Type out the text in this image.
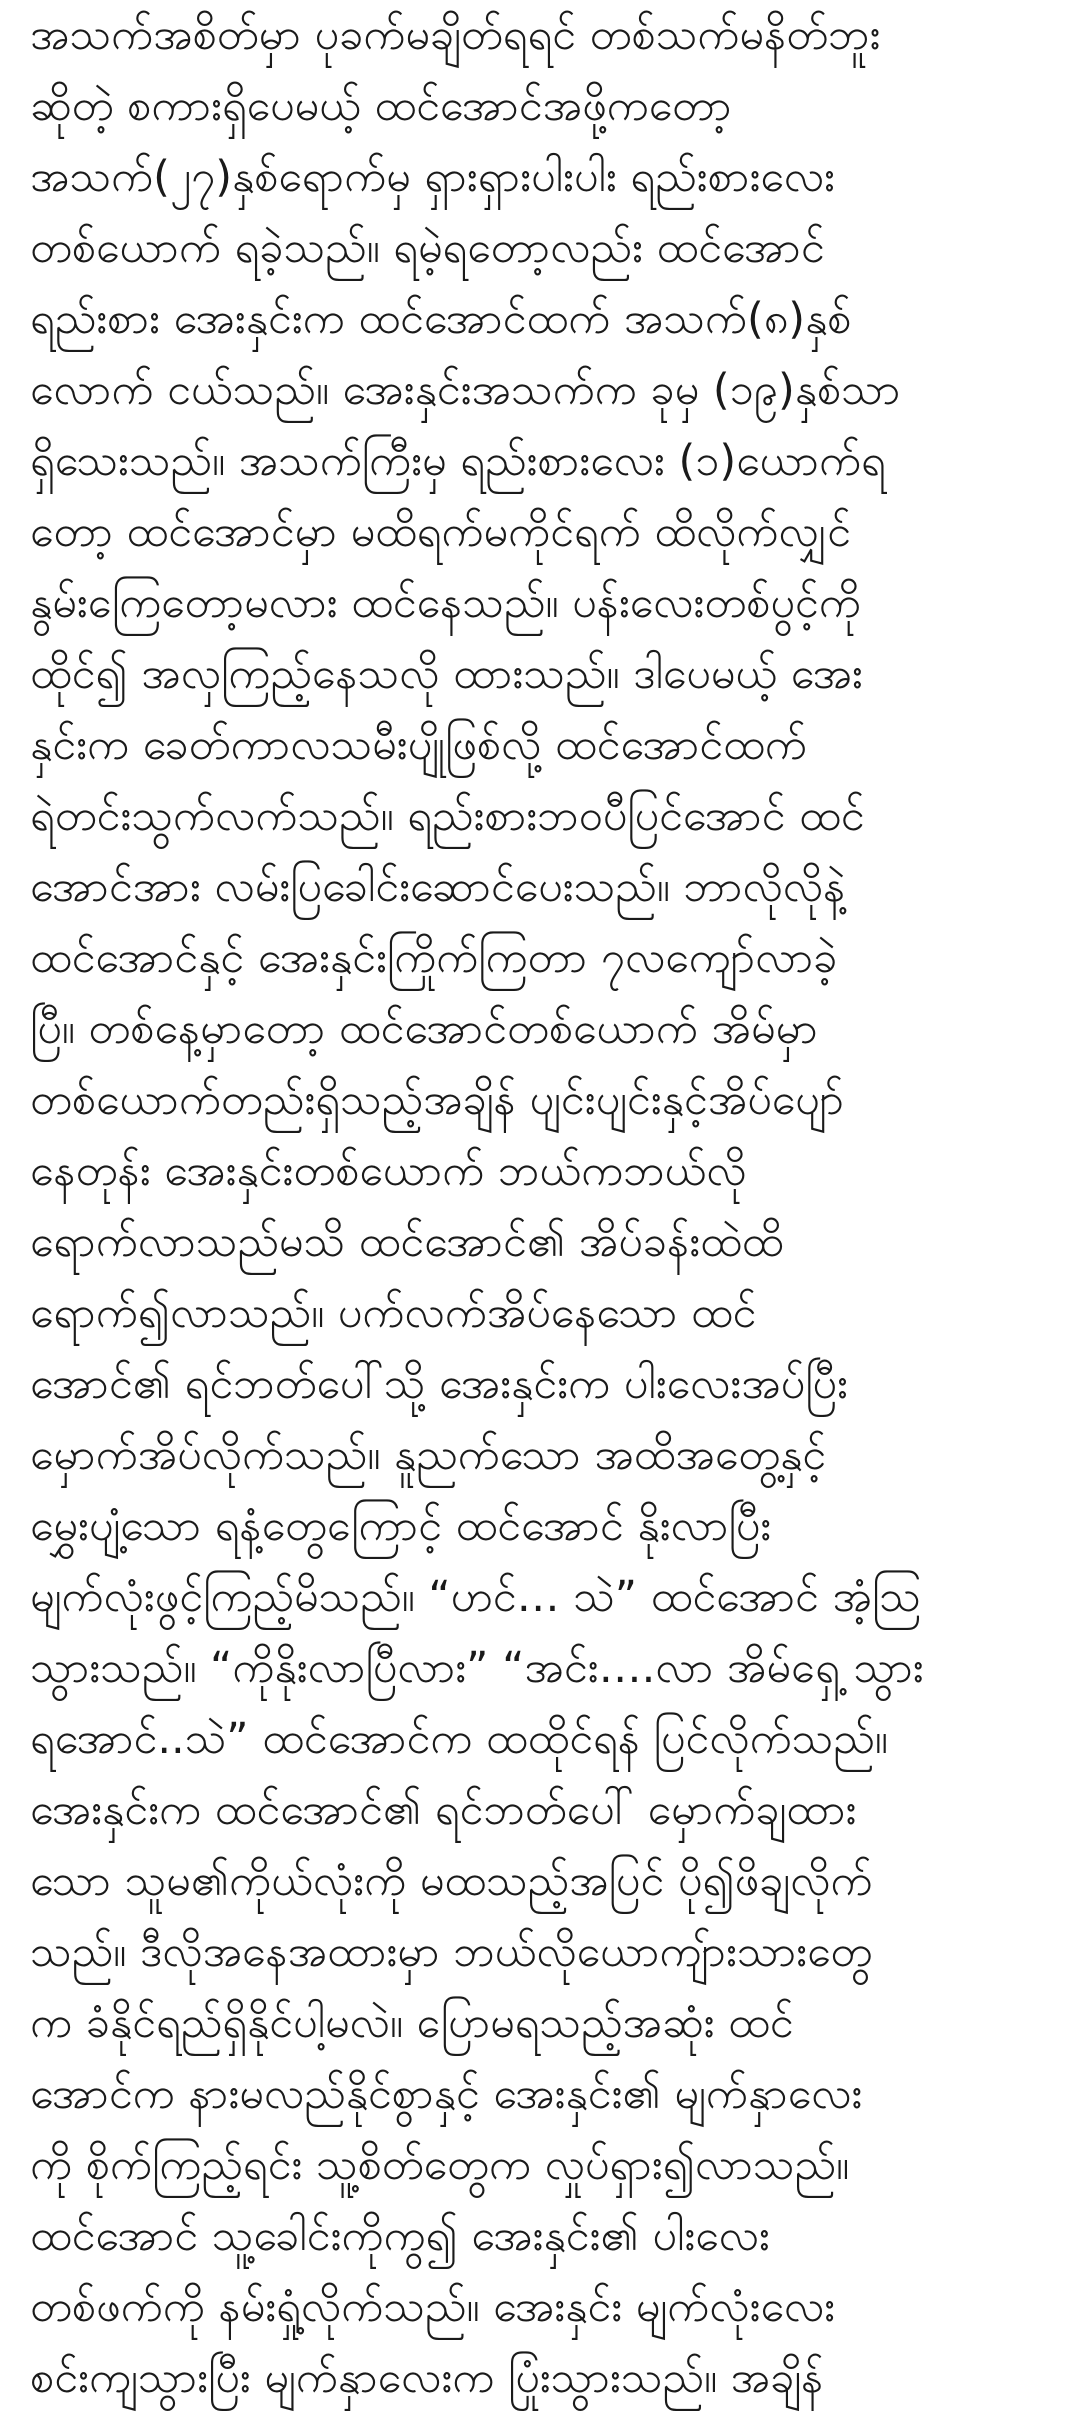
အသက်အစိတ်မှာ ပုခက်မချိတ်ရရင် တစ်သက်မနိတ်ဘူး
ဆိုတဲ့ စကားရှိပေမယ့် ထင်အောင်အဖို့ကတော့
အသက်(၂၇)နှစ်ရောက်မှ ရှားရှားပါးပါး ရည်းစားလေး
တစ်ယောက် ရခဲ့သည်။ ရမဲ့ရတော့လည်း ထင်အောင်
ရည်းစား အေးနှင်းက ထင်အောင်ထက် အသက်(၈)နှစ်
လောက် ငယ်သည်။ အေးနှင်းအသက်က ခုမှ (၁၉)နှစ်သာ
ရှိသေးသည်။ အသက်ကြီးမှ ရည်းစားလေး (၁)ယောက်ရ
တော့ ထင်အောင်မှာ မထိရက်မကိုင်ရက် ထိလိုက်လျှင်
နွမ်းကြေတော့မလား ထင်နေသည်။ ပန်းလေးတစ်ပွင့်ကို
ထိုင်၍ အလှကြည့်နေသလို ထားသည်။ ဒါပေမယ့် အေး
နှင်းက ခေတ်ကာလသမီးပျိုဖြစ်လို့ ထင်အောင်ထက်
ရဲတင်းသွက်လက်သည်။ ရည်းစားဘဝပီပြင်အောင် ထင်
အောင်အား လမ်းပြခေါင်းဆောင်ပေးသည်။ ဘာလိုလိုနဲ့
ထင်အောင်နှင့် အေးနှင်းကြိုက်ကြတာ ၇လကျော်လာခဲ့
ပြီ။ တစ်နေ့မှာတော့ ထင်အောင်တစ်ယောက် အိမ်မှာ
တစ်ယောက်တည်းရှိသည့်အချိန် ပျင်းပျင်းနှင့်အိပ်ပျော်
နေတုန်း အေးနှင်းတစ်ယောက် ဘယ်ကဘယ်လို
ရောက်လာသည်မသိ ထင်အောင်၏ အိပ်ခန်းထဲထိ
ရောက်၍လာသည်။ ပက်လက်အိပ်နေသော ထင်
အောင်၏ ရင်ဘတ်ပေါ်သို့ အေးနှင်းက ပါးလေးအပ်ပြီး
မှောက်အိပ်လိုက်သည်။ နူညက်သော အထိအတွေ့နှင့်
မွှေးပျံ့သော ရနံ့တွေကြောင့် ထင်အောင် နိုးလာပြီး
မျက်လုံးဖွင့်ကြည့်မိသည်။ “ဟင်… သဲ” ထင်အောင် အံ့သြ
သွားသည်။ “ကိုနိုးလာပြီလား” “အင်း….လာ အိမ်ရှေ့ သွား
ရအောင်..သဲ” ထင်အောင်က ထထိုင်ရန် ပြင်လိုက်သည်။
အေးနှင်းက ထင်အောင်၏ ရင်ဘတ်ပေါ် မှောက်ချထား
သော သူမ၏ကိုယ်လုံးကို မထသည့်အပြင် ပို၍ဖိချလိုက်
သည်။ ဒီလိုအနေအထားမှာ ဘယ်လိုယောကျ်ားသားတွေ
က ခံနိုင်ရည်ရှိနိုင်ပါ့မလဲ။ ပြောမရသည့်အဆုံး ထင်
အောင်က နားမလည်နိုင်စွာနှင့် အေးနှင်း၏ မျက်နှာလေး
ကို စိုက်ကြည့်ရင်း သူ့စိတ်တွေက လှုပ်ရှား၍လာသည်။
ထင်အောင် သူ့ခေါင်းကိုကွ၍ အေးနှင်း၏ ပါးလေး
တစ်ဖက်ကို နမ်းရှုံ့လိုက်သည်။ အေးနှင်း မျက်လုံးလေး
စင်းကျသွားပြီး မျက်နှာလေးက ပြုံးသွားသည်။ အချိန်
